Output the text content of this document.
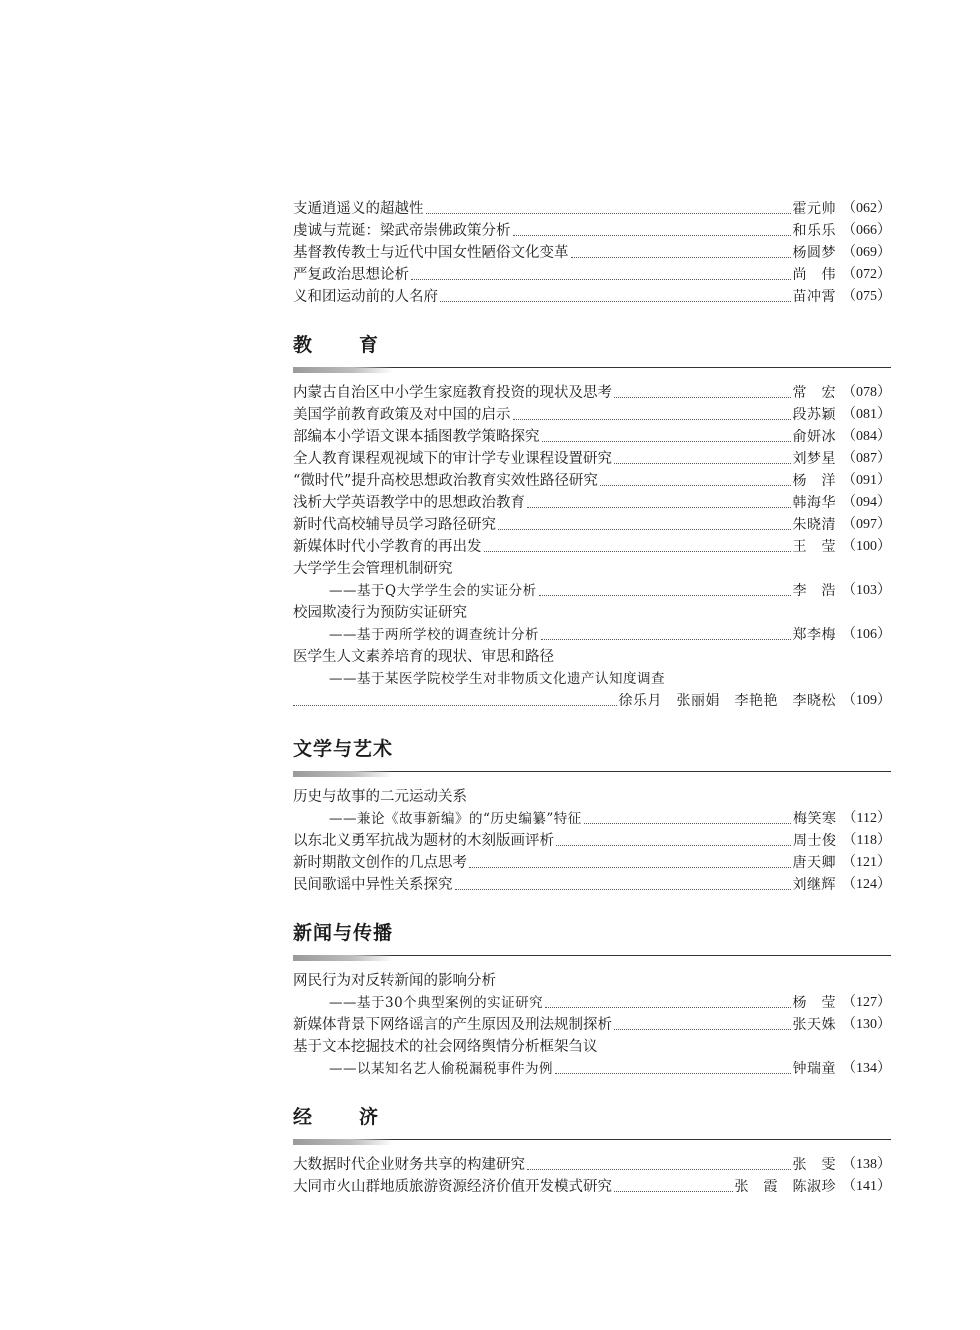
支遁逍遥义的超越性	霍元帅 （062）
虔诚与荒诞：梁武帝崇佛政策分析	和乐乐 （066）
基督教传教士与近代中国女性陋俗文化变革	杨圆梦 （069）
严复政治思想论析	尚　伟 （072）
义和团运动前的人名府	苗冲霄 （075）
教　育
内蒙古自治区中小学生家庭教育投资的现状及思考	常　宏 （078）
美国学前教育政策及对中国的启示	段苏颖 （081）
部编本小学语文课本插图教学策略探究	俞妍冰 （084）
全人教育课程观视域下的审计学专业课程设置研究	刘梦星 （087）
“微时代”提升高校思想政治教育实效性路径研究	杨　洋 （091）
浅析大学英语教学中的思想政治教育	韩海华 （094）
新时代高校辅导员学习路径研究	朱晓清 （097）
新媒体时代小学教育的再出发	王　莹 （100）
大学学生会管理机制研究
——基于Q大学学生会的实证分析	李　浩 （103）
校园欺凌行为预防实证研究
——基于两所学校的调查统计分析	郑李梅 （106）
医学生人文素养培育的现状、审思和路径
——基于某医学院校学生对非物质文化遗产认知度调查
徐乐月　张丽娟　李艳艳　李晓松 （109）
文学与艺术
历史与故事的二元运动关系
——兼论《故事新编》的“历史编纂”特征	梅笑寒 （112）
以东北义勇军抗战为题材的木刻版画评析	周士俊 （118）
新时期散文创作的几点思考	唐天卿 （121）
民间歌谣中异性关系探究	刘继辉 （124）
新闻与传播
网民行为对反转新闻的影响分析
——基于30个典型案例的实证研究	杨　莹 （127）
新媒体背景下网络谣言的产生原因及刑法规制探析	张天姝 （130）
基于文本挖掘技术的社会网络舆情分析框架刍议
——以某知名艺人偷税漏税事件为例	钟瑞童 （134）
经　济
大数据时代企业财务共享的构建研究	张　雯 （138）
大同市火山群地质旅游资源经济价值开发模式研究	张　霞　陈淑珍 （141）
